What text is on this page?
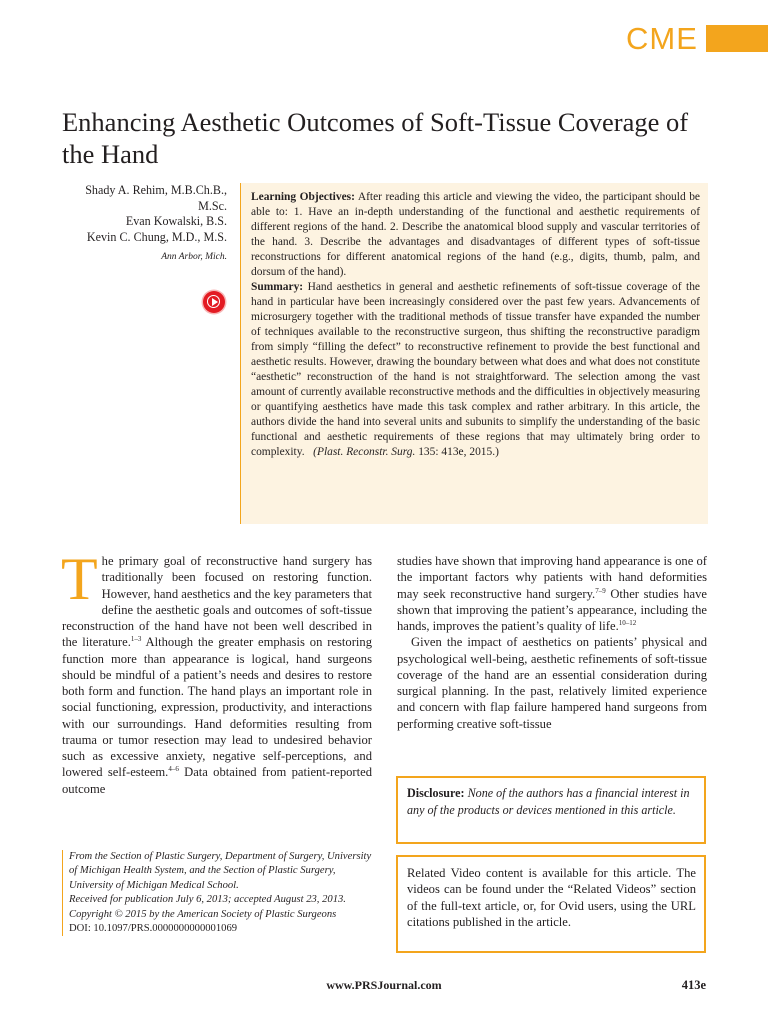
CME
Enhancing Aesthetic Outcomes of Soft-Tissue Coverage of the Hand
Shady A. Rehim, M.B.Ch.B.,
M.Sc.
Evan Kowalski, B.S.
Kevin C. Chung, M.D., M.S.
Ann Arbor, Mich.

Learning Objectives: After reading this article and viewing the video, the participant should be able to: 1. Have an in-depth understanding of the functional and aesthetic requirements of different regions of the hand. 2. Describe the anatomical blood supply and vascular territories of the hand. 3. Describe the advantages and disadvantages of different types of soft-tissue reconstructions for different anatomical regions of the hand (e.g., digits, thumb, palm, and dorsum of the hand).

Summary: Hand aesthetics in general and aesthetic refinements of soft-tissue coverage of the hand in particular have been increasingly considered over the past few years. Advancements of microsurgery together with the traditional methods of tissue transfer have expanded the number of techniques available to the reconstructive surgeon, thus shifting the reconstructive paradigm from simply “filling the defect” to reconstructive refinement to provide the best functional and aesthetic results. However, drawing the boundary between what does and what does not constitute “aesthetic” reconstruction of the hand is not straightforward. The selection among the vast amount of currently available reconstructive methods and the difficulties in objectively measuring or quantifying aesthetics have made this task complex and rather arbitrary. In this article, the authors divide the hand into several units and subunits to simplify the understanding of the basic functional and aesthetic requirements of these regions that may ultimately bring order to complexity. (Plast. Reconstr. Surg. 135: 413e, 2015.)

The primary goal of reconstructive hand surgery has traditionally been focused on restoring function. However, hand aesthetics and the key parameters that define the aesthetic goals and outcomes of soft-tissue reconstruction of the hand have not been well described in the literature.$^{1-3}$ Although the greater emphasis on restoring function more than appearance is logical, hand surgeons should be mindful of a patient’s needs and desires to restore both form and function. The hand plays an important role in social functioning, expression, productivity, and interactions with our surroundings. Hand deformities resulting from trauma or tumor resection may lead to undesired behavior such as excessive anxiety, negative self-perceptions, and lowered self-esteem.$^{4-6}$ Data obtained from patient-reported outcome

studies have shown that improving hand appearance is one of the important factors why patients with hand deformities may seek reconstructive hand surgery.$^{7-9}$ Other studies have shown that improving the patient’s appearance, including the hands, improves the patient’s quality of life.$^{10-12}$

Given the impact of aesthetics on patients’ physical and psychological well-being, aesthetic refinements of soft-tissue coverage of the hand are an essential consideration during surgical planning. In the past, relatively limited experience and concern with flap failure hampered hand surgeons from performing creative soft-tissue

Disclosure: None of the authors has a financial interest in any of the products or devices mentioned in this article.
From the Section of Plastic Surgery, Department of Surgery, University of Michigan Health System, and the Section of Plastic Surgery, University of Michigan Medical School.
Received for publication July 6, 2013; accepted August 23, 2013.
Copyright © 2015 by the American Society of Plastic Surgeons
DOI: 10.1097/PRS.0000000000001069
Related Video content is available for this article. The videos can be found under the “Related Videos” section of the full-text article, or, for Ovid users, using the URL citations published in the article.
www.PRSJournal.com	413e
